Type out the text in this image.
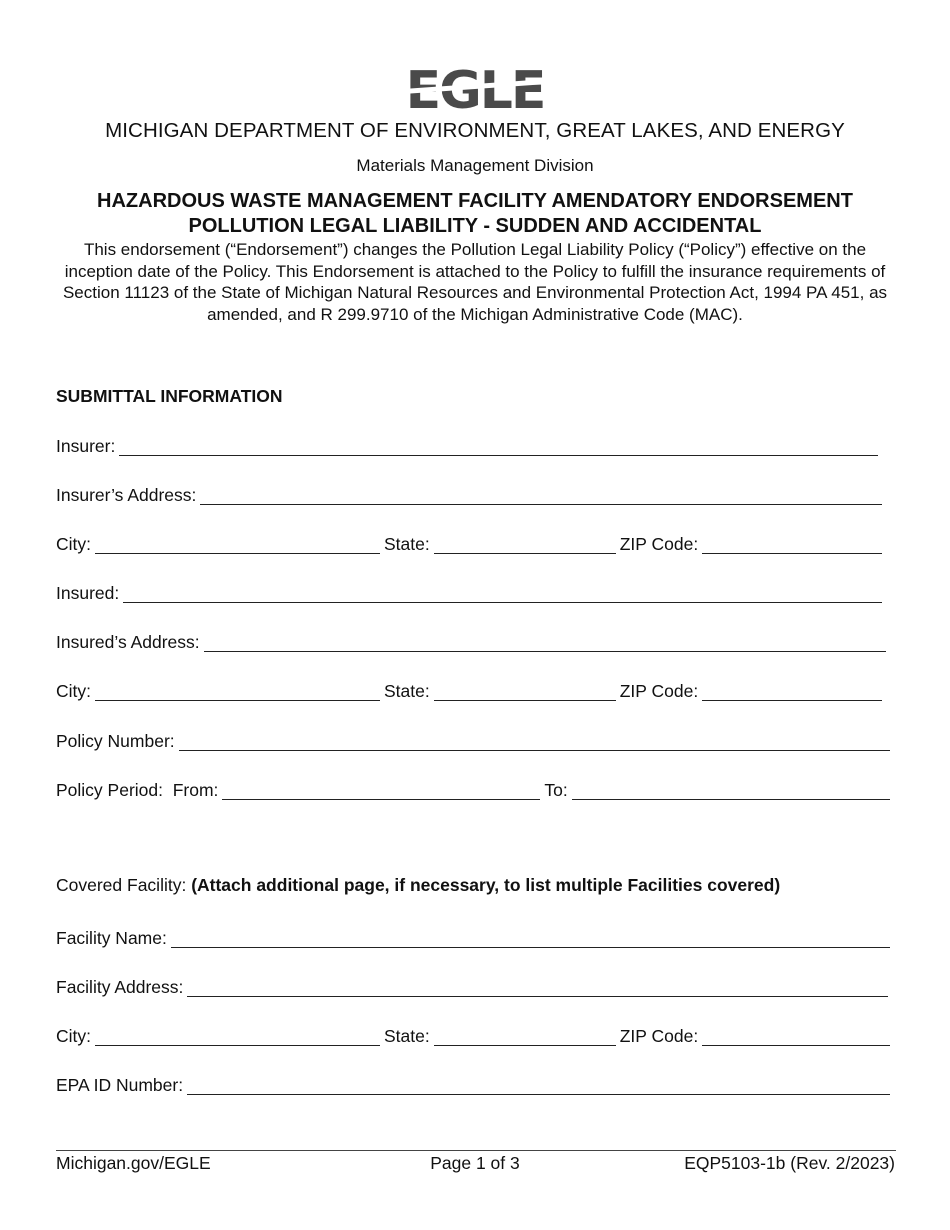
MICHIGAN DEPARTMENT OF ENVIRONMENT, GREAT LAKES, AND ENERGY
Materials Management Division
HAZARDOUS WASTE MANAGEMENT FACILITY AMENDATORY ENDORSEMENT
POLLUTION LEGAL LIABILITY - SUDDEN AND ACCIDENTAL
This endorsement (“Endorsement”) changes the Pollution Legal Liability Policy (“Policy”) effective on the inception date of the Policy. This Endorsement is attached to the Policy to fulfill the insurance requirements of Section 11123 of the State of Michigan Natural Resources and Environmental Protection Act, 1994 PA 451, as amended, and R 299.9710 of the Michigan Administrative Code (MAC).
SUBMITTAL INFORMATION
Insurer:
Insurer’s Address:
City:	State:	ZIP Code:
Insured:
Insured’s Address:
City:	State:	ZIP Code:
Policy Number:
Policy Period:  From:	To:
Covered Facility: (Attach additional page, if necessary, to list multiple Facilities covered)
Facility Name:
Facility Address:
City:	State:	ZIP Code:
EPA ID Number:
Michigan.gov/EGLE	Page 1 of 3	EQP5103-1b (Rev. 2/2023)
